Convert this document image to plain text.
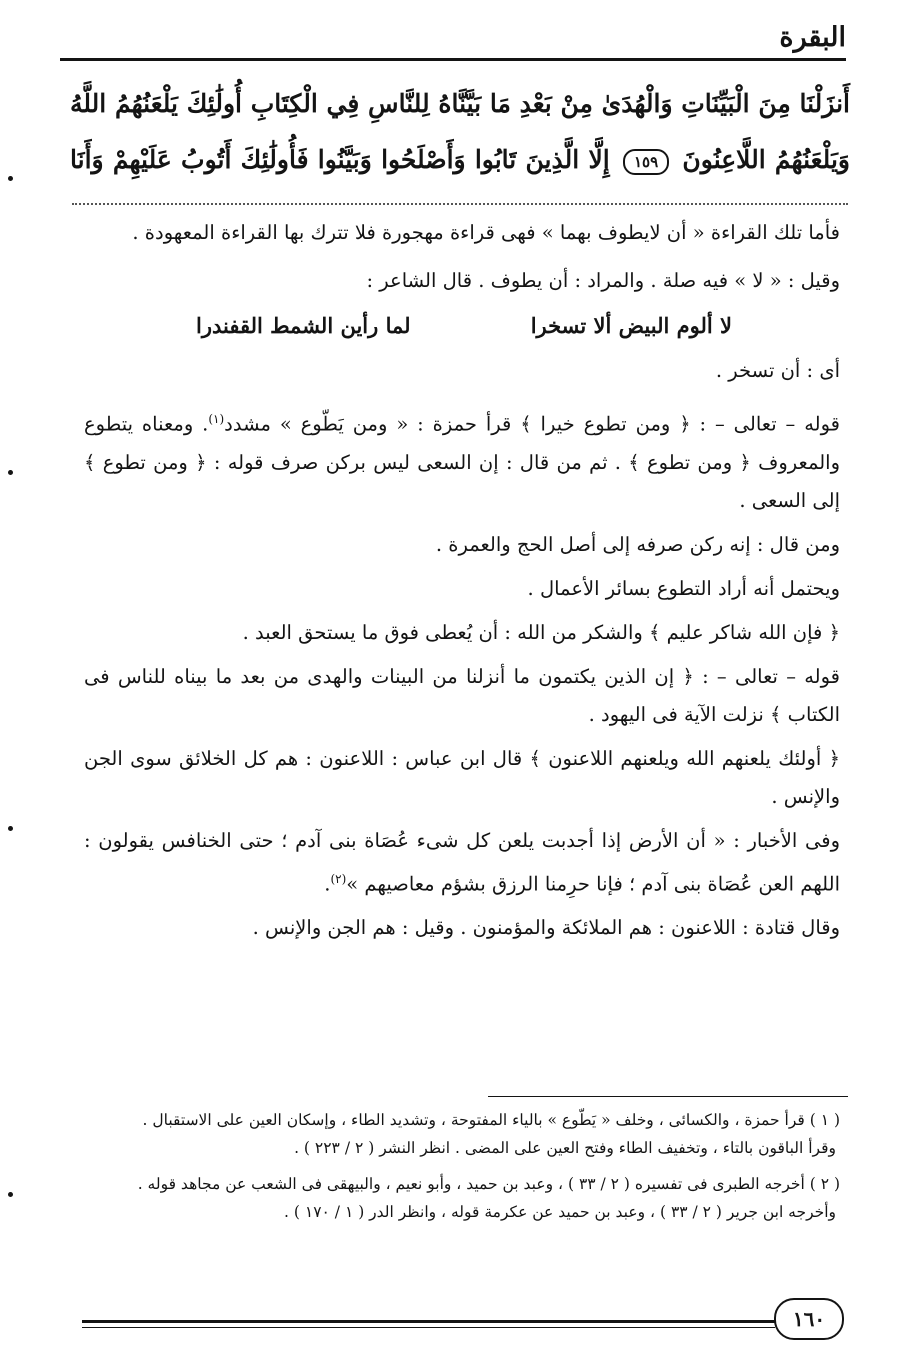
البقرة
أَنزَلْنَا مِنَ الْبَيِّنَاتِ وَالْهُدَىٰ مِنْ بَعْدِ مَا بَيَّنَّاهُ لِلنَّاسِ فِي الْكِتَابِ أُولَٰئِكَ يَلْعَنُهُمُ اللَّهُ
وَيَلْعَنُهُمُ اللَّاعِنُونَ ١٥٩ إِلَّا الَّذِينَ تَابُوا وَأَصْلَحُوا وَبَيَّنُوا فَأُولَٰئِكَ أَتُوبُ عَلَيْهِمْ وَأَنَا

فأما تلك القراءة « أن لايطوف بهما » فهى قراءة مهجورة فلا تترك بها القراءة المعهودة .

وقيل : « لا » فيه صلة . والمراد : أن يطوف . قال الشاعر :

لا ألوم البيض ألا تسخرا
لما رأين الشمط القفندرا

أى : أن تسخر .

قوله – تعالى – : ﴿ ومن تطوع خيرا ﴾ قرأ حمزة : « ومن يَطّوع » مشدد$^{(١)}$. ومعناه يتطوع والمعروف ﴿ ومن تطوع ﴾ . ثم من قال : إن السعى ليس بركن صرف قوله : ﴿ ومن تطوع ﴾ إلى السعى .

ومن قال : إنه ركن صرفه إلى أصل الحج والعمرة .

ويحتمل أنه أراد التطوع بسائر الأعمال .

﴿ فإن الله شاكر عليم ﴾ والشكر من الله : أن يُعطى فوق ما يستحق العبد .

قوله – تعالى – : ﴿ إن الذين يكتمون ما أنزلنا من البينات والهدى من بعد ما بيناه للناس فى الكتاب ﴾ نزلت الآية فى اليهود .

﴿ أولئك يلعنهم الله ويلعنهم اللاعنون ﴾ قال ابن عباس : اللاعنون : هم كل الخلائق سوى الجن والإنس .

وفى الأخبار : « أن الأرض إذا أجدبت يلعن كل شىء عُصَاة بنى آدم ؛ حتى الخنافس يقولون : اللهم العن عُصَاة بنى آدم ؛ فإنا حرِمنا الرزق بشؤم معاصيهم »$^{(٢)}$.

وقال قتادة : اللاعنون : هم الملائكة والمؤمنون . وقيل : هم الجن والإنس .

( ١ ) قرأ حمزة ، والكسائى ، وخلف « يَطّوع » بالياء المفتوحة ، وتشديد الطاء ، وإسكان العين على الاستقبال .

وقرأ الباقون بالتاء ، وتخفيف الطاء وفتح العين على المضى . انظر النشر ( ٢ / ٢٢٣ ) .

( ٢ ) أخرجه الطبرى فى تفسيره ( ٢ / ٣٣ ) ، وعبد بن حميد ، وأبو نعيم ، والبيهقى فى الشعب عن مجاهد قوله .

وأخرجه ابن جرير ( ٢ / ٣٣ ) ، وعبد بن حميد عن عكرمة قوله ، وانظر الدر ( ١ / ١٧٠ ) .

١٦٠
